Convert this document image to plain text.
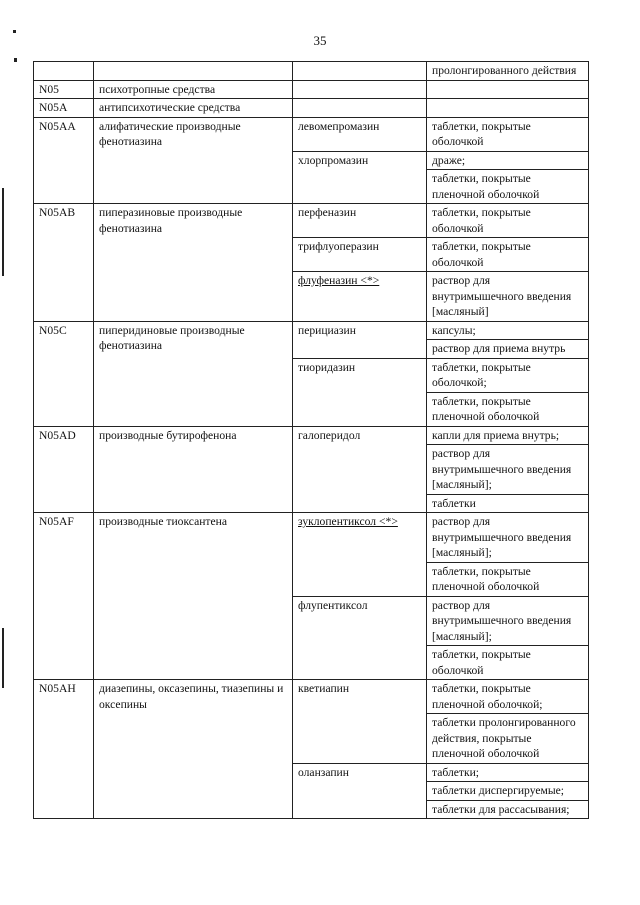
35
			пролонгированного действия
N05	психотропные средства		
N05A	антипсихотические средства		
N05AA	алифатические производные фенотиазина	левомепромазин	таблетки, покрытые оболочкой
		хлорпромазин	драже;
			таблетки, покрытые пленочной оболочкой
N05AB	пиперазиновые производные фенотиазина	перфеназин	таблетки, покрытые оболочкой
		трифлуоперазин	таблетки, покрытые оболочкой
		флуфеназин <*>	раствор для внутримышечного введения [масляный]
N05C	пиперидиновые производные фенотиазина	перициазин	капсулы;
			раствор для приема внутрь
		тиоридазин	таблетки, покрытые оболочкой;
			таблетки, покрытые пленочной оболочкой
N05AD	производные бутирофенона	галоперидол	капли для приема внутрь;
			раствор для внутримышечного введения [масляный];
			таблетки
N05AF	производные тиоксантена	зуклопентиксол <*>	раствор для внутримышечного введения [масляный];
			таблетки, покрытые пленочной оболочкой
		флупентиксол	раствор для внутримышечного введения [масляный];
			таблетки, покрытые оболочкой
N05AH	диазепины, оксазепины, тиазепины и оксепины	кветиапин	таблетки, покрытые пленочной оболочкой;
			таблетки пролонгированного действия, покрытые пленочной оболочкой
		оланзапин	таблетки;
			таблетки диспергируемые;
			таблетки для рассасывания;
